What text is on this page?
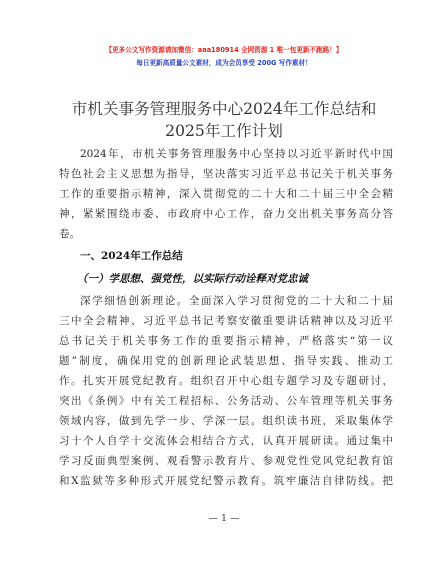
【更多公文写作资源请加微信：aaa180914 全网资源 1 唯一包更新不跑路！】
每日更新高质量公文素材，成为会员享受 200G 写作素材！
市机关事务管理服务中心2024年工作总结和
2025年工作计划
2024年，市机关事务管理服务中心坚持以习近平新时代中国
特色社会主义思想为指导，坚决落实习近平总书记关于机关事务
工作的重要指示精神，深入贯彻党的二十大和二十届三中全会精
神，紧紧围绕市委、市政府中心工作，奋力交出机关事务高分答
卷。
一、2024年工作总结
（一）学思想、强党性，以实际行动诠释对党忠诚
深学细悟创新理论。全面深入学习贯彻党的二十大和二十届
三中全会精神、习近平总书记考察安徽重要讲话精神以及习近平
总书记关于机关事务工作的重要指示精神，严格落实“第一议
题”制度，确保用党的创新理论武装思想、指导实践、推动工
作。扎实开展党纪教育。组织召开中心组专题学习及专题研讨，
突出《条例》中有关工程招标、公务活动、公车管理等机关事务
领域内容，做到先学一步、学深一层。组织读书班，采取集体学
习十个人自学十交流体会相结合方式，认真开展研读。通过集中
学习反面典型案例、观看警示教育片、参观党性党风党纪教育馆
和X监狱等多种形式开展党纪警示教育。筑牢廉洁自律防线。把
— 1 —
